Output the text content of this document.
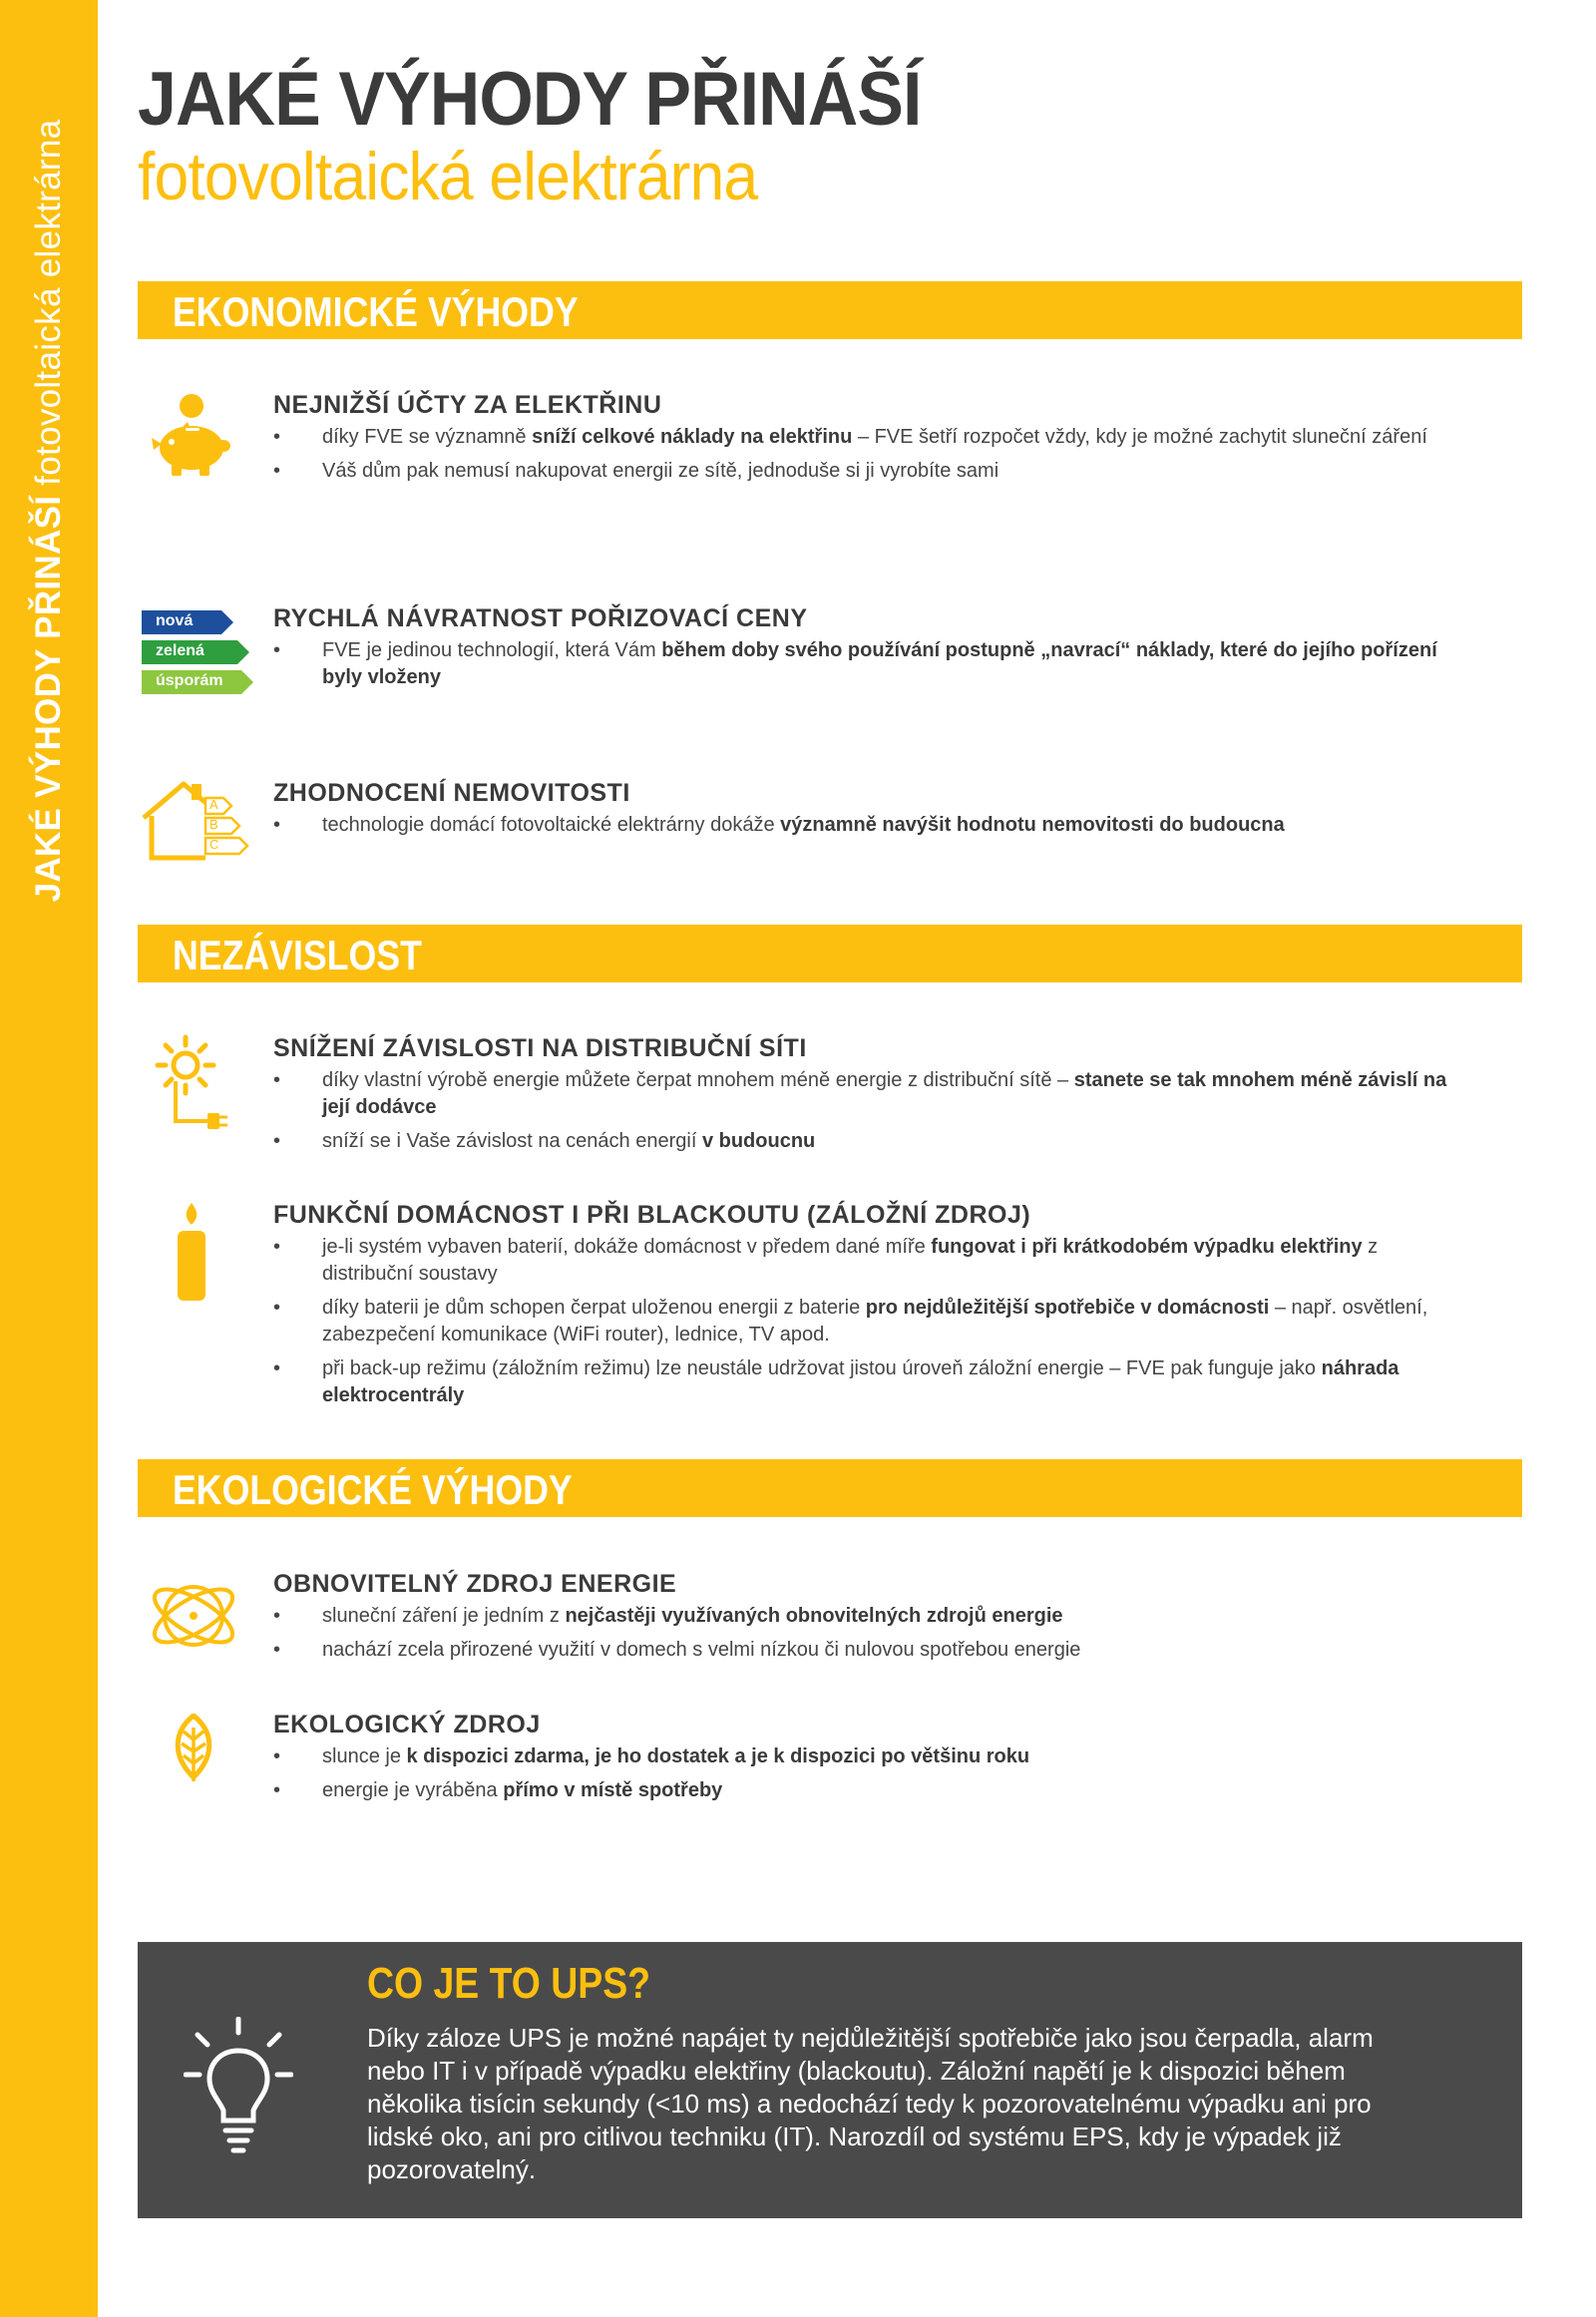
JAKÉ VÝHODY PŘINÁŠÍ fotovoltaická elektrárna
JAKÉ VÝHODY PŘINÁŠÍ
fotovoltaická elektrárna
EKONOMICKÉ VÝHODY
NEJNIŽŠÍ ÚČTY ZA ELEKTŘINU
• díky FVE se významně sníží celkové náklady na elektřinu – FVE šetří rozpočet vždy, kdy je možné zachytit sluneční záření
• Váš dům pak nemusí nakupovat energii ze sítě, jednoduše si ji vyrobíte sami
nová
zelená
úsporám
RYCHLÁ NÁVRATNOST POŘIZOVACÍ CENY
• FVE je jedinou technologií, která Vám během doby svého používání postupně „navrací“ náklady, které do jejího pořízení byly vloženy
A
B
C
ZHODNOCENÍ NEMOVITOSTI
• technologie domácí fotovoltaické elektrárny dokáže významně navýšit hodnotu nemovitosti do budoucna
NEZÁVISLOST
SNÍŽENÍ ZÁVISLOSTI NA DISTRIBUČNÍ SÍTI
• díky vlastní výrobě energie můžete čerpat mnohem méně energie z distribuční sítě – stanete se tak mnohem méně závislí na její dodávce
• sníží se i Vaše závislost na cenách energií v budoucnu
FUNKČNÍ DOMÁCNOST I PŘI BLACKOUTU (ZÁLOŽNÍ ZDROJ)
• je-li systém vybaven baterií, dokáže domácnost v předem dané míře fungovat i při krátkodobém výpadku elektřiny z distribuční soustavy
• díky baterii je dům schopen čerpat uloženou energii z baterie pro nejdůležitější spotřebiče v domácnosti – např. osvětlení, zabezpečení komunikace (WiFi router), lednice, TV apod.
• při back-up režimu (záložním režimu) lze neustále udržovat jistou úroveň záložní energie – FVE pak funguje jako náhrada elektrocentrály
EKOLOGICKÉ VÝHODY
OBNOVITELNÝ ZDROJ ENERGIE
• sluneční záření je jedním z nejčastěji využívaných obnovitelných zdrojů energie
• nachází zcela přirozené využití v domech s velmi nízkou či nulovou spotřebou energie
EKOLOGICKÝ ZDROJ
• slunce je k dispozici zdarma, je ho dostatek a je k dispozici po většinu roku
• energie je vyráběna přímo v místě spotřeby
CO JE TO UPS?
Díky záloze UPS je možné napájet ty nejdůležitější spotřebiče jako jsou čerpadla, alarm nebo IT i v případě výpadku elektřiny (blackoutu). Záložní napětí je k dispozici během několika tisícin sekundy (<10 ms) a nedochází tedy k pozorovatelnému výpadku ani pro lidské oko, ani pro citlivou techniku (IT). Narozdíl od systému EPS, kdy je výpadek již pozorovatelný.
